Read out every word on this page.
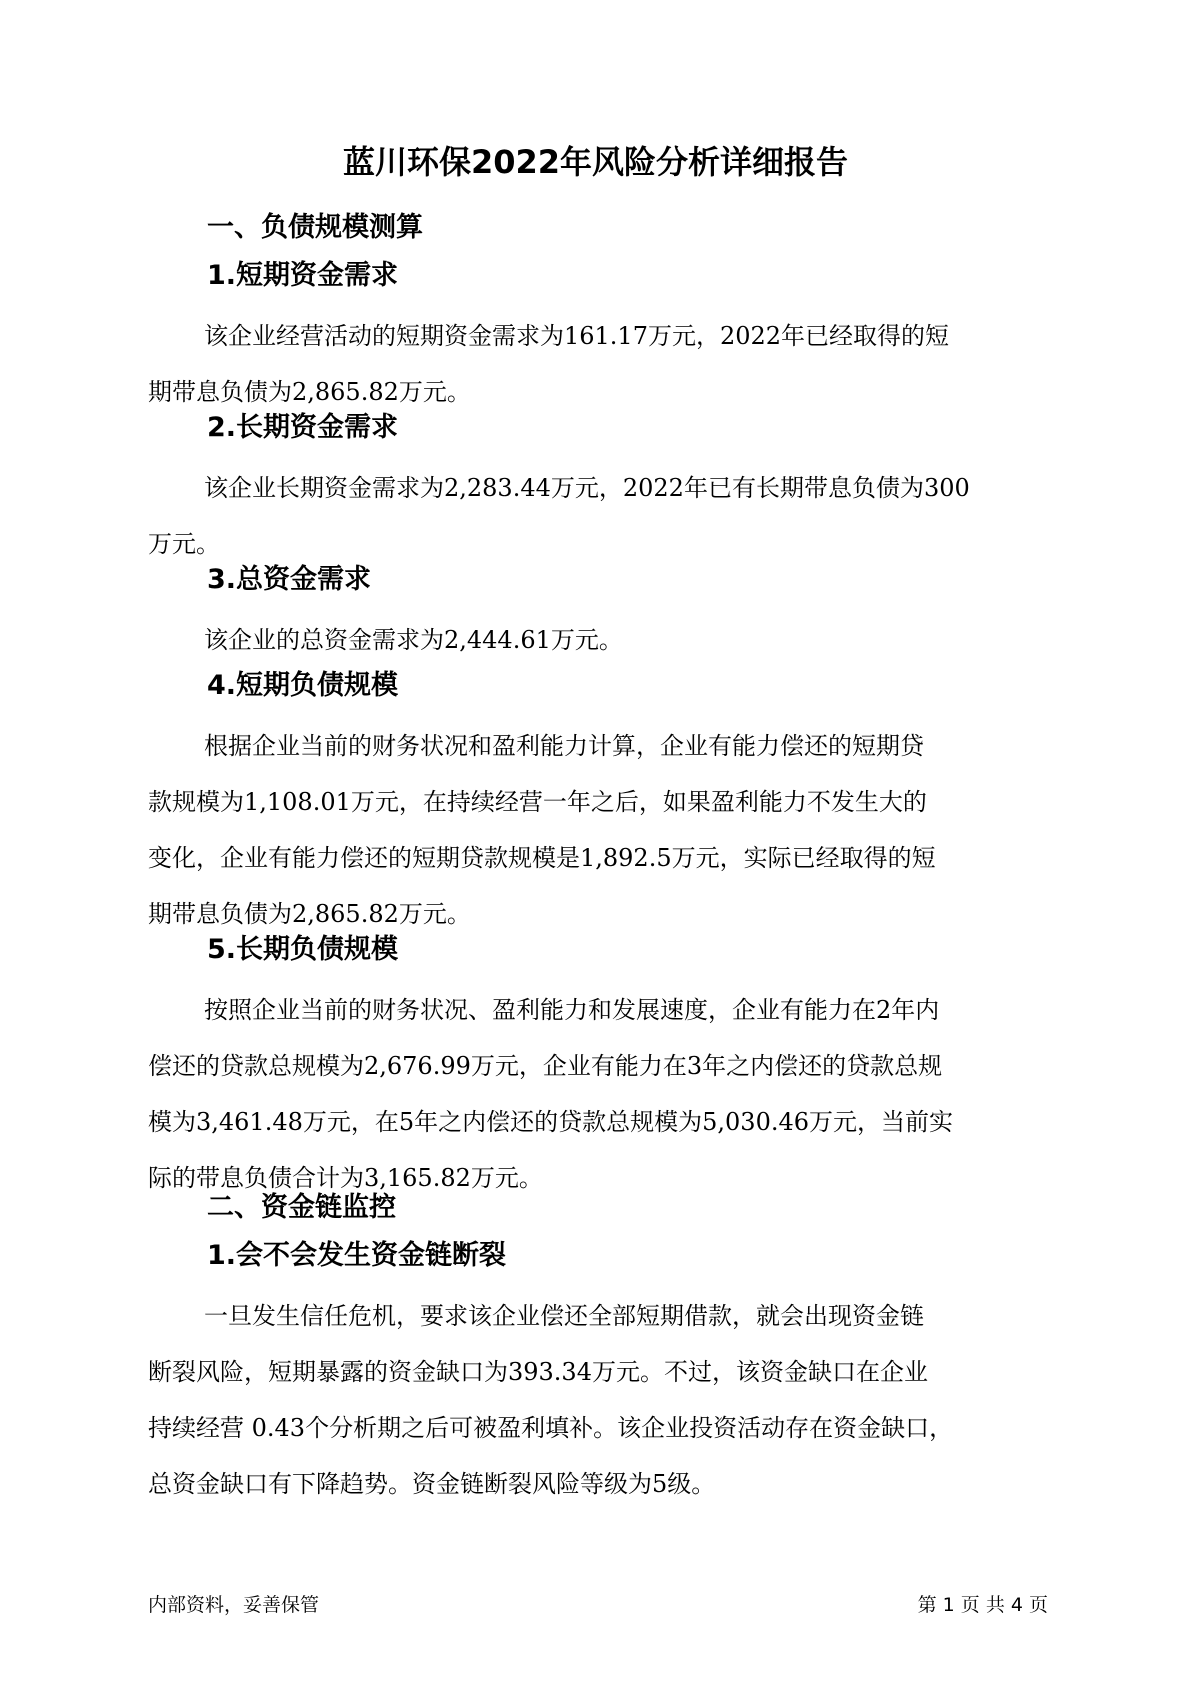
蓝川环保2022年风险分析详细报告
一、负债规模测算
1.短期资金需求
该企业经营活动的短期资金需求为161.17万元，2022年已经取得的短
期带息负债为2,865.82万元。
2.长期资金需求
该企业长期资金需求为2,283.44万元，2022年已有长期带息负债为300
万元。
3.总资金需求
该企业的总资金需求为2,444.61万元。
4.短期负债规模
根据企业当前的财务状况和盈利能力计算，企业有能力偿还的短期贷
款规模为1,108.01万元，在持续经营一年之后，如果盈利能力不发生大的
变化，企业有能力偿还的短期贷款规模是1,892.5万元，实际已经取得的短
期带息负债为2,865.82万元。
5.长期负债规模
按照企业当前的财务状况、盈利能力和发展速度，企业有能力在2年内
偿还的贷款总规模为2,676.99万元，企业有能力在3年之内偿还的贷款总规
模为3,461.48万元，在5年之内偿还的贷款总规模为5,030.46万元，当前实
际的带息负债合计为3,165.82万元。
二、资金链监控
1.会不会发生资金链断裂
一旦发生信任危机，要求该企业偿还全部短期借款，就会出现资金链
断裂风险，短期暴露的资金缺口为393.34万元。不过，该资金缺口在企业
持续经营 0.43个分析期之后可被盈利填补。该企业投资活动存在资金缺口，
总资金缺口有下降趋势。资金链断裂风险等级为5级。
内部资料，妥善保管	第 1 页 共 4 页
